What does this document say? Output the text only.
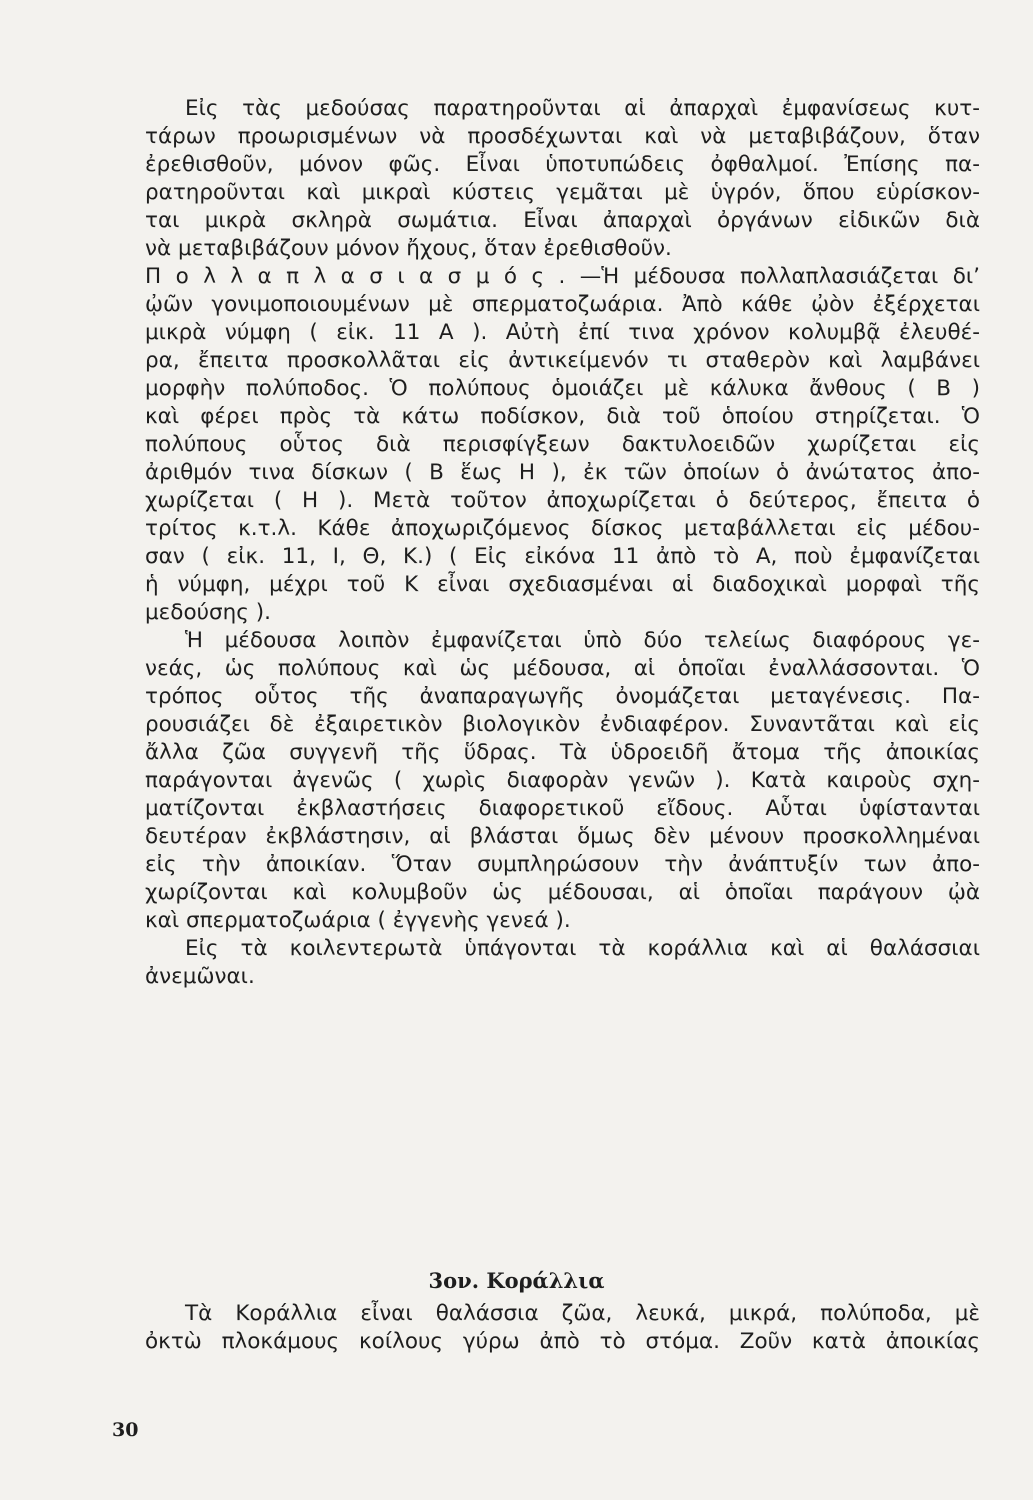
Εἰς τὰς μεδούσας παρατηροῦνται αἱ ἀπαρχαὶ ἐμφανίσεως κυτ-
τάρων προωρισμένων νὰ προσδέχωνται καὶ νὰ μεταβιβάζουν, ὅταν
ἐρεθισθοῦν, μόνον φῶς. Εἶναι ὑποτυπώδεις ὀφθαλμοί. Ἐπίσης πα-
ρατηροῦνται καὶ μικραὶ κύστεις γεμᾶται μὲ ὑγρόν, ὅπου εὑρίσκον-
ται μικρὰ σκληρὰ σωμάτια. Εἶναι ἀπαρχαὶ ὀργάνων εἰδικῶν διὰ
νὰ μεταβιβάζουν μόνον ἤχους, ὅταν ἐρεθισθοῦν.
Π ο λ λ α π λ α σ ι α σ μ ό ς . —Ἡ μέδουσα πολλαπλασιάζεται δι’
ᾠῶν γονιμοποιουμένων μὲ σπερματοζωάρια. Ἀπὸ κάθε ᾠὸν ἐξέρχεται
μικρὰ νύμφη ( εἰκ. 11 Α ). Αὐτὴ ἐπί τινα χρόνον κολυμβᾷ ἐλευθέ-
ρα, ἔπειτα προσκολλᾶται εἰς ἀντικείμενόν τι σταθερὸν καὶ λαμβάνει
μορφὴν πολύποδος. Ὁ πολύπους ὁμοιάζει μὲ κάλυκα ἄνθους ( Β )
καὶ φέρει πρὸς τὰ κάτω ποδίσκον, διὰ τοῦ ὁποίου στηρίζεται. Ὁ
πολύπους οὗτος διὰ περισφίγξεων δακτυλοειδῶν χωρίζεται εἰς
ἀριθμόν τινα δίσκων ( Β ἕως Η ), ἐκ τῶν ὁποίων ὁ ἀνώτατος ἀπο-
χωρίζεται ( Η ). Μετὰ τοῦτον ἀποχωρίζεται ὁ δεύτερος, ἔπειτα ὁ
τρίτος κ.τ.λ. Κάθε ἀποχωριζόμενος δίσκος μεταβάλλεται εἰς μέδου-
σαν ( εἰκ. 11, Ι, Θ, Κ.) ( Εἰς εἰκόνα 11 ἀπὸ τὸ Α, ποὺ ἐμφανίζεται
ἡ νύμφη, μέχρι τοῦ Κ εἶναι σχεδιασμέναι αἱ διαδοχικαὶ μορφαὶ τῆς
μεδούσης ).
Ἡ μέδουσα λοιπὸν ἐμφανίζεται ὑπὸ δύο τελείως διαφόρους γε-
νεάς, ὡς πολύπους καὶ ὡς μέδουσα, αἱ ὁποῖαι ἐναλλάσσονται. Ὁ
τρόπος οὗτος τῆς ἀναπαραγωγῆς ὀνομάζεται μεταγένεσις. Πα-
ρουσιάζει δὲ ἐξαιρετικὸν βιολογικὸν ἐνδιαφέρον. Συναντᾶται καὶ εἰς
ἄλλα ζῶα συγγενῆ τῆς ὕδρας. Τὰ ὑδροειδῆ ἄτομα τῆς ἀποικίας
παράγονται ἀγενῶς ( χωρὶς διαφορὰν γενῶν ). Κατὰ καιροὺς σχη-
ματίζονται ἐκβλαστήσεις διαφορετικοῦ εἴδους. Αὗται ὑφίστανται
δευτέραν ἐκβλάστησιν, αἱ βλάσται ὅμως δὲν μένουν προσκολλημέναι
εἰς τὴν ἀποικίαν. Ὅταν συμπληρώσουν τὴν ἀνάπτυξίν των ἀπο-
χωρίζονται καὶ κολυμβοῦν ὡς μέδουσαι, αἱ ὁποῖαι παράγουν ᾠὰ
καὶ σπερματοζωάρια ( ἐγγενὴς γενεά ).
Εἰς τὰ κοιλεντερωτὰ ὑπάγονται τὰ κοράλλια καὶ αἱ θαλάσσιαι
ἀνεμῶναι.
3ον. Κοράλλια
Τὰ Κοράλλια εἶναι θαλάσσια ζῶα, λευκά, μικρά, πολύποδα, μὲ
ὀκτὼ πλοκάμους κοίλους γύρω ἀπὸ τὸ στόμα. Ζοῦν κατὰ ἀποικίας
30
